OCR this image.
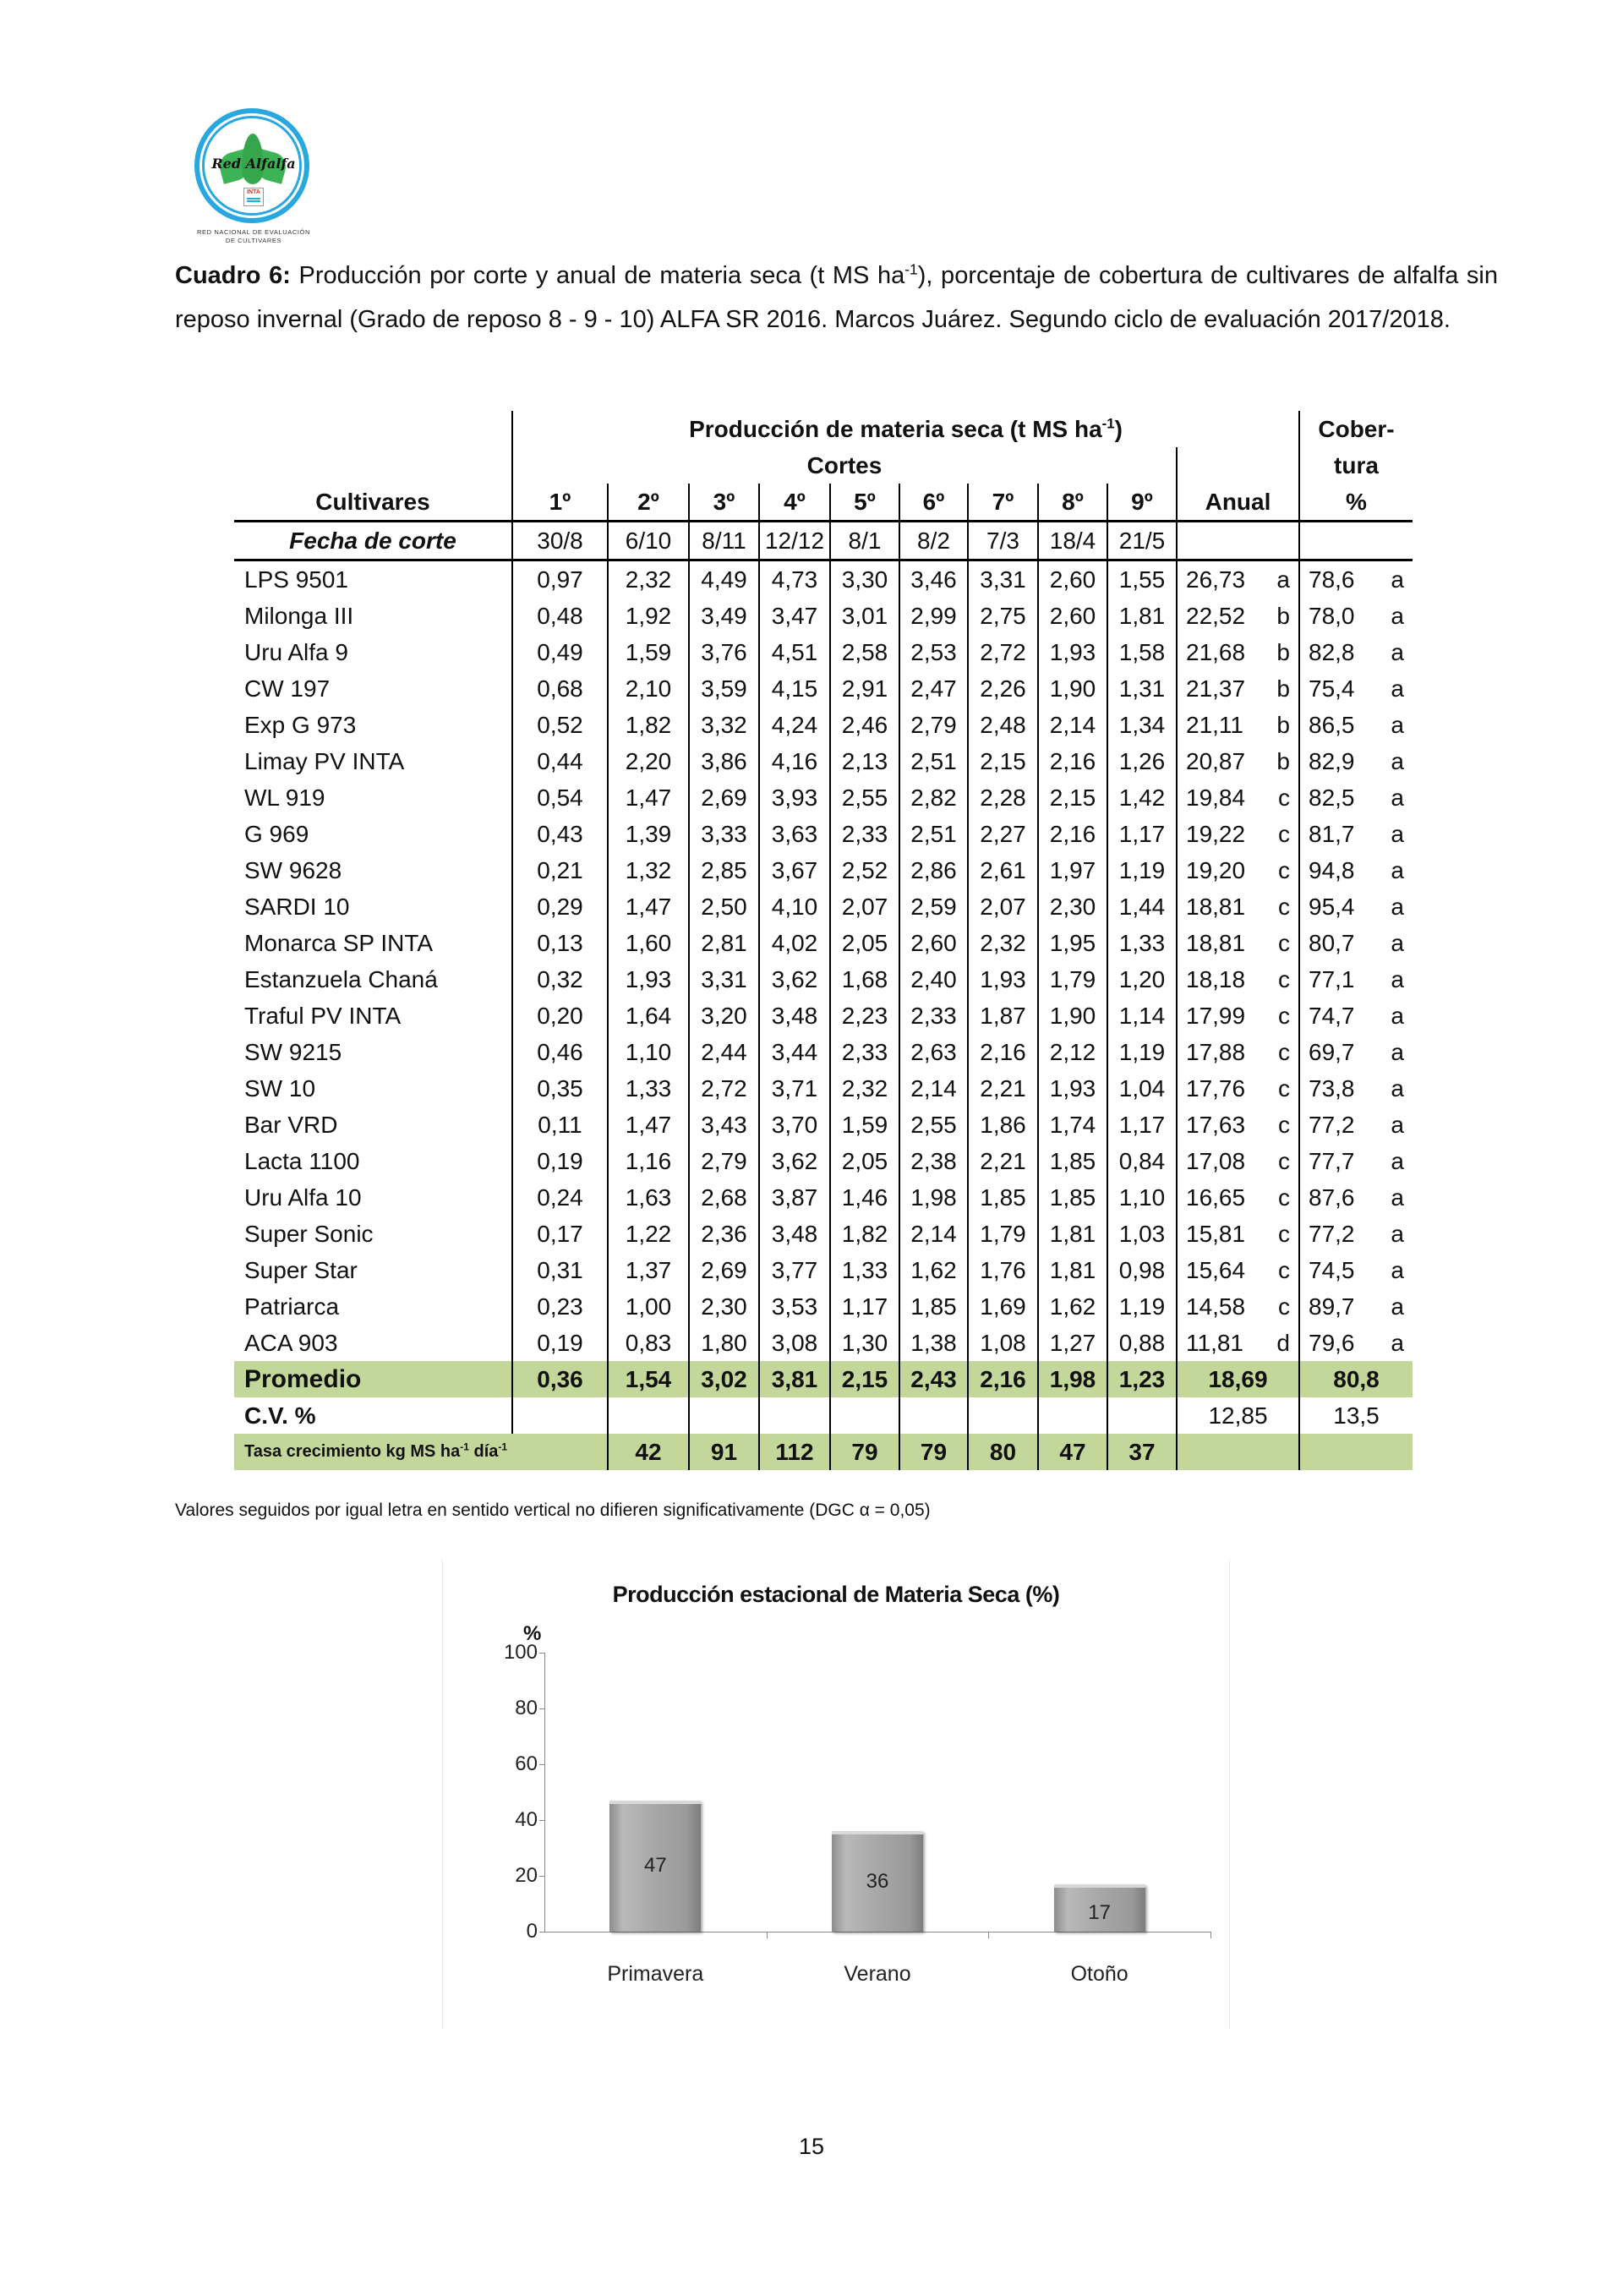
Red Alfalfa
INTA
RED NACIONAL DE EVALUACIÓN
DE CULTIVARES
Cuadro 6: Producción por corte y anual de materia seca (t MS $ha^{-1}$), porcentaje de cobertura de cultivares de alfalfa sin reposo invernal (Grado de reposo 8 - 9 - 10) ALFA SR 2016. Marcos Juárez. Segundo ciclo de evaluación 2017/2018.
	Producción de materia seca (t MS $ha^{-1}$)										Cober-
	Cortes										tura
Cultivares	1º	2º	3º	4º	5º	6º	7º	8º	9º	Anual	%
Fecha de corte	30/8	6/10	8/11	12/12	8/1	8/2	7/3	18/4	21/5		
LPS 9501	0,97	2,32	4,49	4,73	3,30	3,46	3,31	2,60	1,55	26,73 a	78,6 a

Milonga III	0,48	1,92	3,49	3,47	3,01	2,99	2,75	2,60	1,81	22,52 b	78,0 a

Uru Alfa 9	0,49	1,59	3,76	4,51	2,58	2,53	2,72	1,93	1,58	21,68 b	82,8 a

CW 197	0,68	2,10	3,59	4,15	2,91	2,47	2,26	1,90	1,31	21,37 b	75,4 a

Exp G 973	0,52	1,82	3,32	4,24	2,46	2,79	2,48	2,14	1,34	21,11 b	86,5 a

Limay PV INTA	0,44	2,20	3,86	4,16	2,13	2,51	2,15	2,16	1,26	20,87 b	82,9 a

WL 919	0,54	1,47	2,69	3,93	2,55	2,82	2,28	2,15	1,42	19,84 c	82,5 a

G 969	0,43	1,39	3,33	3,63	2,33	2,51	2,27	2,16	1,17	19,22 c	81,7 a

SW 9628	0,21	1,32	2,85	3,67	2,52	2,86	2,61	1,97	1,19	19,20 c	94,8 a

SARDI 10	0,29	1,47	2,50	4,10	2,07	2,59	2,07	2,30	1,44	18,81 c	95,4 a

Monarca SP INTA	0,13	1,60	2,81	4,02	2,05	2,60	2,32	1,95	1,33	18,81 c	80,7 a

Estanzuela Chaná	0,32	1,93	3,31	3,62	1,68	2,40	1,93	1,79	1,20	18,18 c	77,1 a

Traful PV INTA	0,20	1,64	3,20	3,48	2,23	2,33	1,87	1,90	1,14	17,99 c	74,7 a

SW 9215	0,46	1,10	2,44	3,44	2,33	2,63	2,16	2,12	1,19	17,88 c	69,7 a

SW 10	0,35	1,33	2,72	3,71	2,32	2,14	2,21	1,93	1,04	17,76 c	73,8 a

Bar VRD	0,11	1,47	3,43	3,70	1,59	2,55	1,86	1,74	1,17	17,63 c	77,2 a

Lacta 1100	0,19	1,16	2,79	3,62	2,05	2,38	2,21	1,85	0,84	17,08 c	77,7 a

Uru Alfa 10	0,24	1,63	2,68	3,87	1,46	1,98	1,85	1,85	1,10	16,65 c	87,6 a

Super Sonic	0,17	1,22	2,36	3,48	1,82	2,14	1,79	1,81	1,03	15,81 c	77,2 a

Super Star	0,31	1,37	2,69	3,77	1,33	1,62	1,76	1,81	0,98	15,64 c	74,5 a

Patriarca	0,23	1,00	2,30	3,53	1,17	1,85	1,69	1,62	1,19	14,58 c	89,7 a

ACA 903	0,19	0,83	1,80	3,08	1,30	1,38	1,08	1,27	0,88	11,81 d	79,6 a

Promedio	0,36	1,54	3,02	3,81	2,15	2,43	2,16	1,98	1,23	18,69	80,8
C.V. %										12,85	13,5
Tasa crecimiento kg MS $ha^{-1}$ día$^{-1}$		42	91	112	79	79	80	47	37		
Valores seguidos por igual letra en sentido vertical no difieren significativamente (DGC α = 0,05)
Producción estacional de Materia Seca (%)
%
0
20
40
60
80
100
47
Primavera
36
Verano
17
Otoño
15
